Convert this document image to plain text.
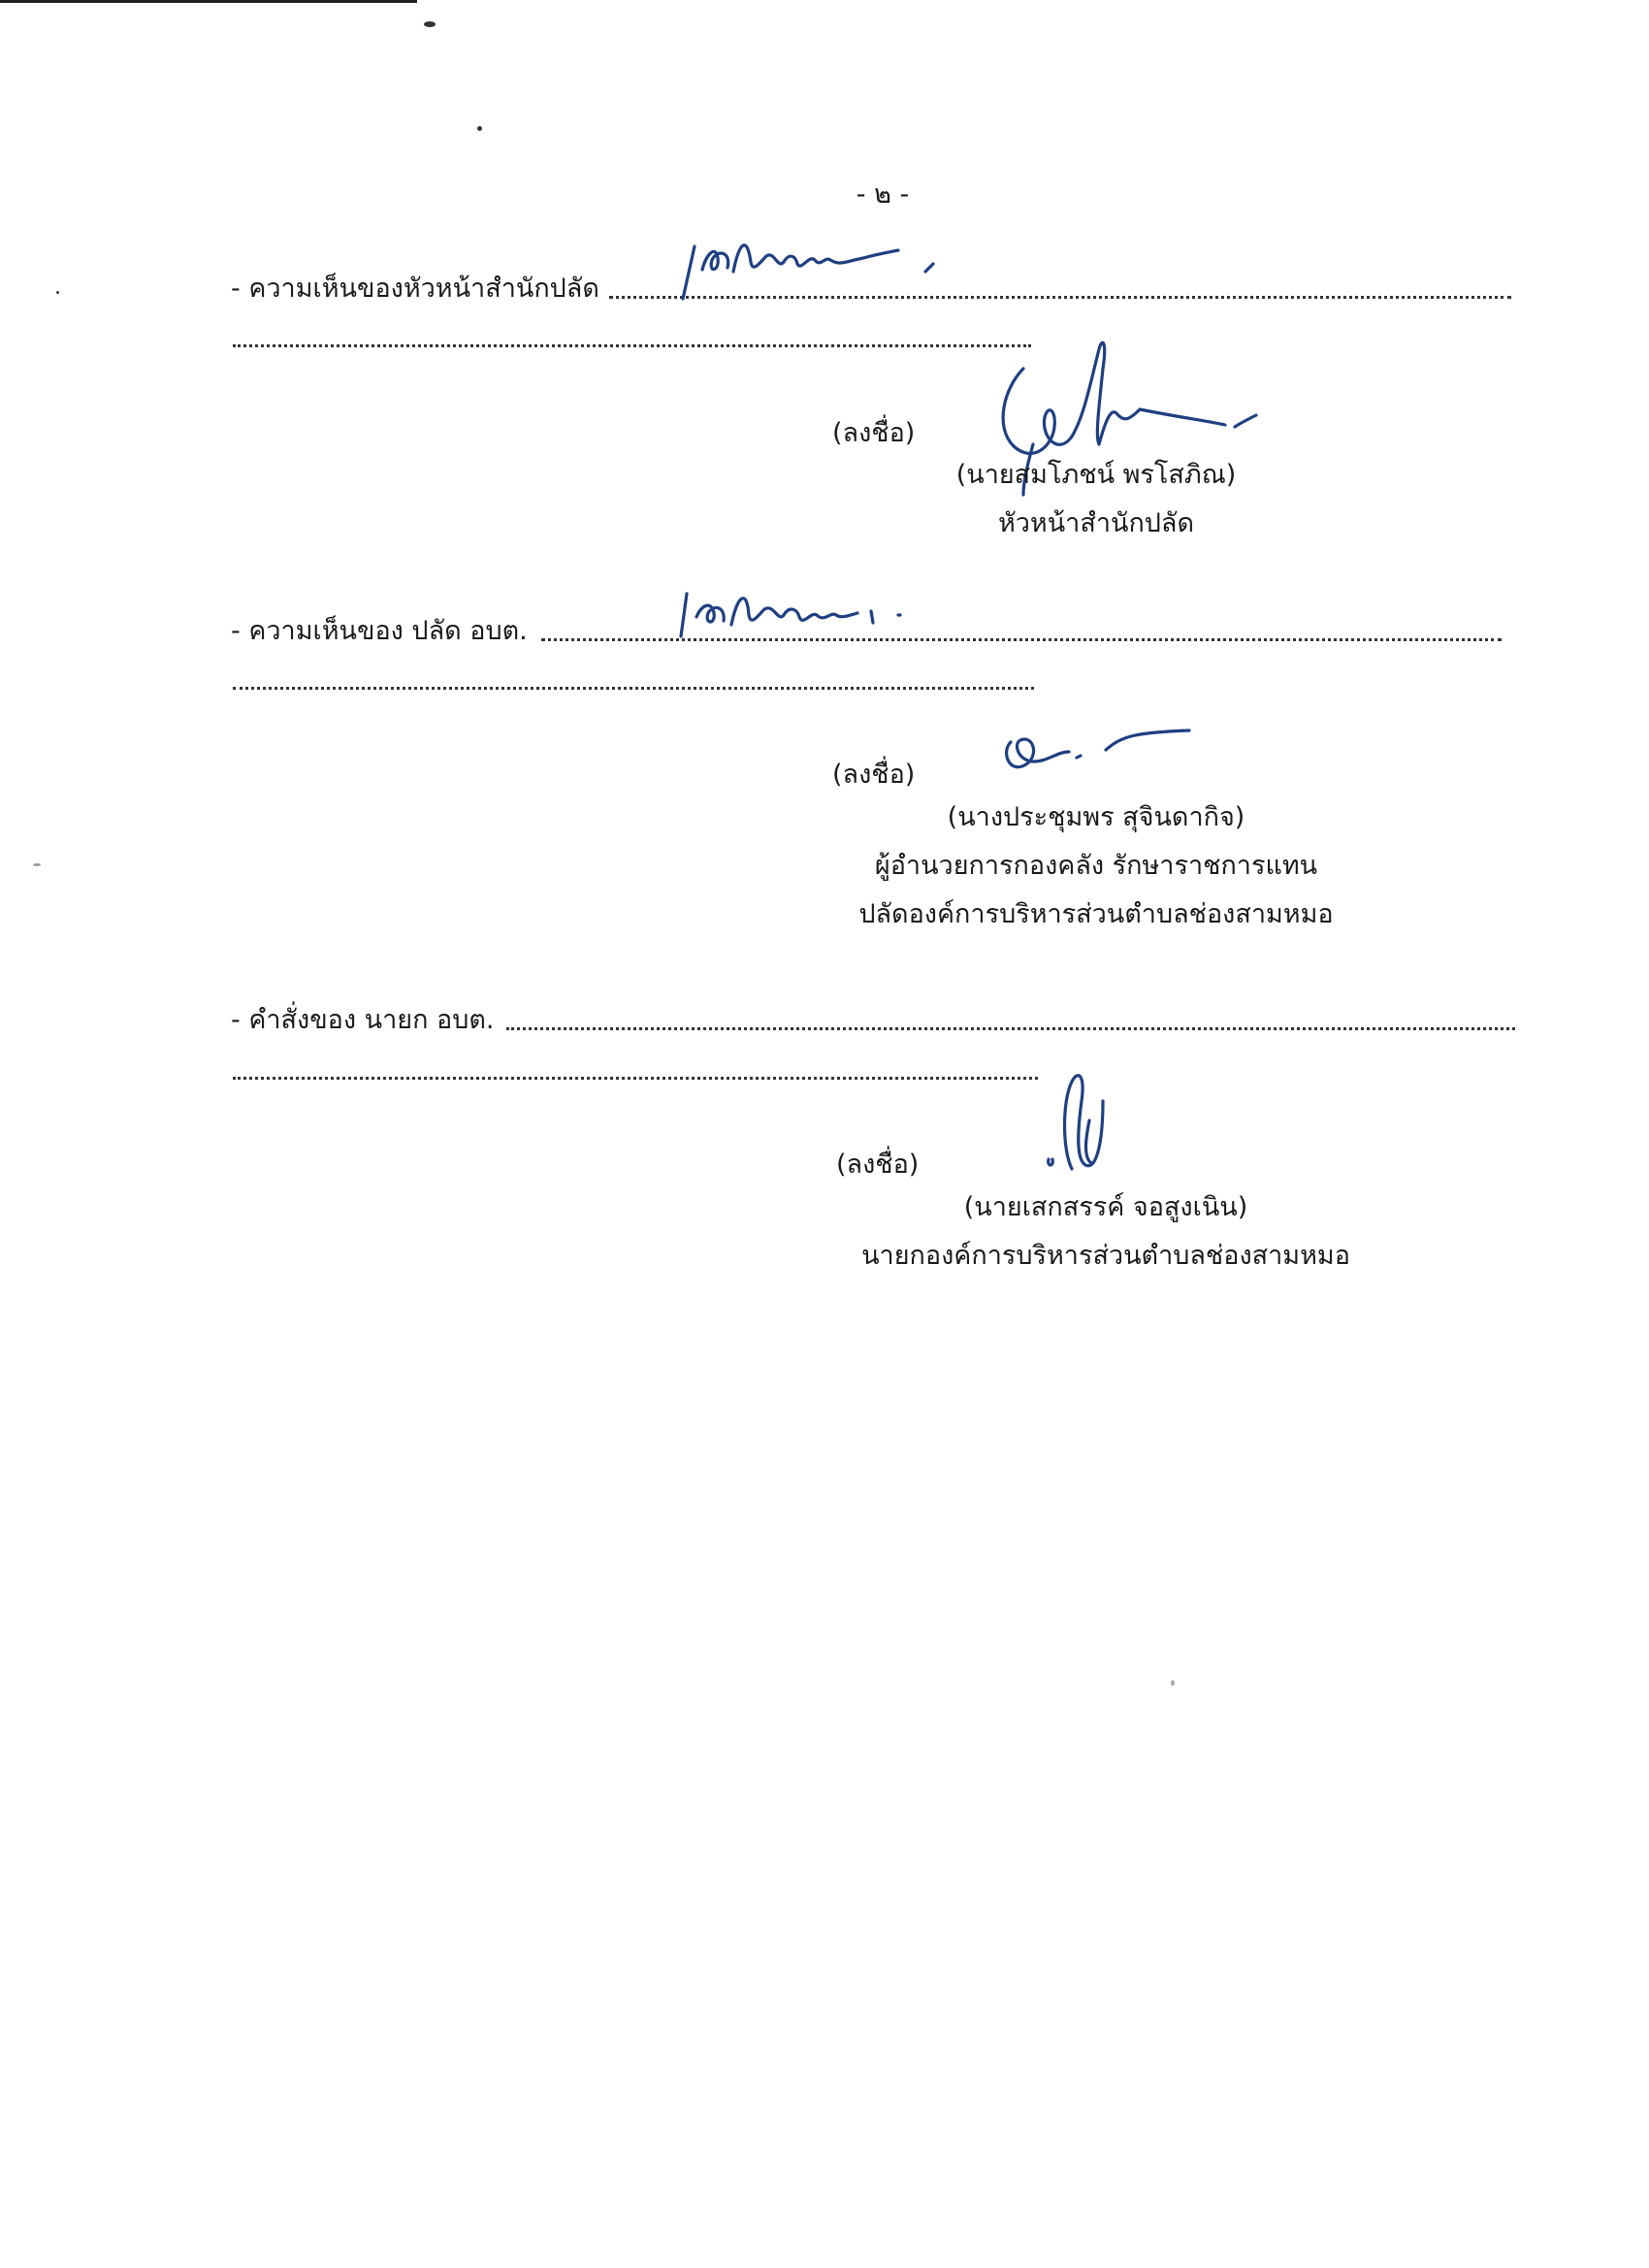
- ๒ -
- ความเห็นของหัวหน้าสำนักปลัด
(ลงชื่อ)
(นายสมโภชน์ พรโสภิณ)
หัวหน้าสำนักปลัด
- ความเห็นของ ปลัด อบต.
(ลงชื่อ)
(นางประชุมพร สุจินดากิจ)
ผู้อำนวยการกองคลัง รักษาราชการแทน
ปลัดองค์การบริหารส่วนตำบลช่องสามหมอ
- คำสั่งของ นายก อบต.
(ลงชื่อ)
(นายเสกสรรค์ จอสูงเนิน)
นายกองค์การบริหารส่วนตำบลช่องสามหมอ
